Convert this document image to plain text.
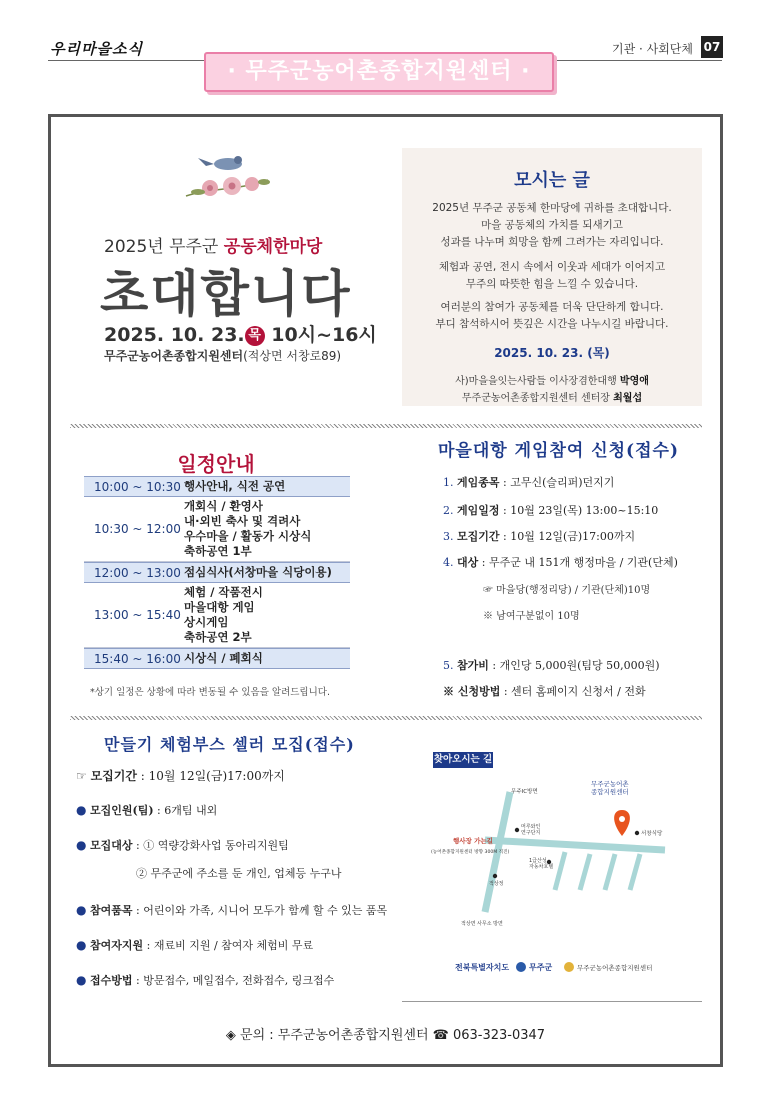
우리마을소식	기관 · 사회단체 07
· 무주군농어촌종합지원센터 ·
2025년 무주군 공동체한마당
초대합니다
2025. 10. 23. 목 10시~16시
무주군농어촌종합지원센터(적상면 서창로89)
모시는 글
2025년 무주군 공동체 한마당에 귀하를 초대합니다.
마을 공동체의 가치를 되새기고
성과를 나누며 희망을 함께 그려가는 자리입니다.
체험과 공연, 전시 속에서 이웃과 세대가 이어지고
무주의 따뜻한 힘을 느낄 수 있습니다.
여러분의 참여가 공동체를 더욱 단단하게 합니다.
부디 참석하시어 뜻깊은 시간을 나누시길 바랍니다.
2025. 10. 23. (목)
사)마을을잇는사람들 이사장겸한대행 박영애
무주군농어촌종합지원센터 센터장 최월섭
일정안내
10:00 ~ 10:30 행사안내, 식전 공연
10:30 ~ 12:00
개회식 / 환영사
내·외빈 축사 및 격려사
우수마을 / 활동가 시상식
축하공연 1부
12:00 ~ 13:00 점심식사(서창마을 식당이용)
13:00 ~ 15:40
체험 / 작품전시
마을대항 게임
상시게임
축하공연 2부
15:40 ~ 16:00 시상식 / 폐회식
*상기 일정은 상황에 따라 변동될 수 있음을 알려드립니다.
마을대항 게임참여 신청(접수)
1. 게임종목 : 고무신(슬리퍼)던지기
2. 게임일정 : 10월 23일(목) 13:00~15:10
3. 모집기간 : 10월 12일(금)17:00까지
4. 대상 : 무주군 내 151개 행정마을 / 기관(단체)
☞ 마을당(행정리당) / 기관(단체)10명
※ 남여구분없이 10명
5. 참가비 : 개인당 5,000원(팀당 50,000원)
※ 신청방법 : 센터 홈페이지 신청서 / 전화
만들기 체험부스 셀러 모집(접수)
☞ 모집기간 : 10월 12일(금)17:00까지
● 모집인원(팀) : 6개팀 내외
● 모집대상 : ① 역량강화사업 동아리지원팀
② 무주군에 주소를 둔 개인, 업체등 누구나
● 참여품목 : 어린이와 가족, 시니어 모두가 함께 할 수 있는 품목
● 참여자지원 : 재료비 지원 / 참여자 체험비 무료
● 접수방법 : 방문접수, 메일접수, 전화접수, 링크접수
찾아오시는 길
무주IC방면
무주군농어촌 종합지원센터
서창식당
행사장 가는길
(농어촌종합지원센터 방향 300M 직진)
머루와인 연구단지
1급산성 자동차호텔
적상정
적상면 사무소 방면
전북특별자치도 무주군	무주군농어촌종합지원센터
◈ 문의 : 무주군농어촌종합지원센터 ☎ 063-323-0347
